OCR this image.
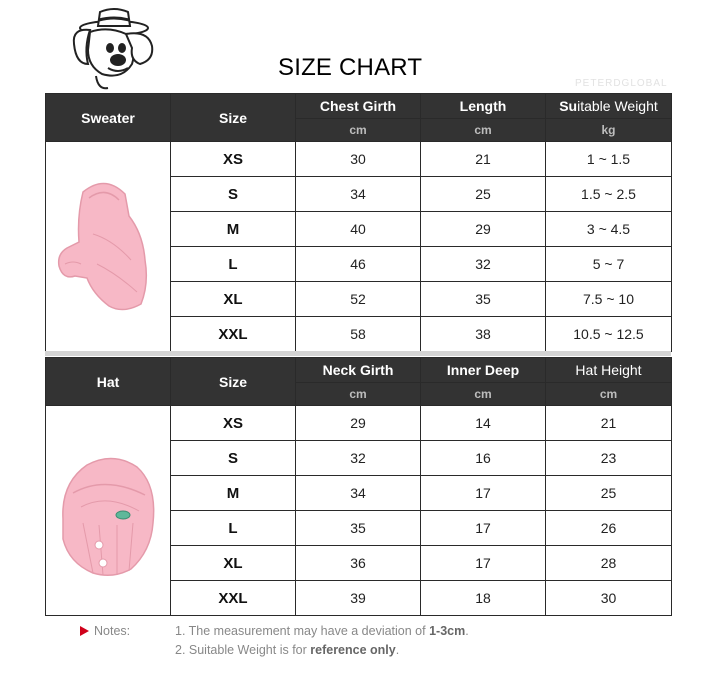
SIZE CHART
PETERDGLOBAL
Sweater	Size	Chest Girth	Length	Suitable Weight
		cm	cm	kg
	XS	30	21	1 ~ 1.5
	S	34	25	1.5 ~ 2.5
	M	40	29	3 ~ 4.5
	L	46	32	5 ~ 7
	XL	52	35	7.5 ~ 10
	XXL	58	38	10.5 ~ 12.5
Hat	Size	Neck Girth	Inner Deep	Hat Height
		cm	cm	cm
	XS	29	14	21
	S	32	16	23
	M	34	17	25
	L	35	17	26
	XL	36	17	28
	XXL	39	18	30
Notes:	1. The measurement may have a deviation of 1-3cm.
2. Suitable Weight is for reference only.
